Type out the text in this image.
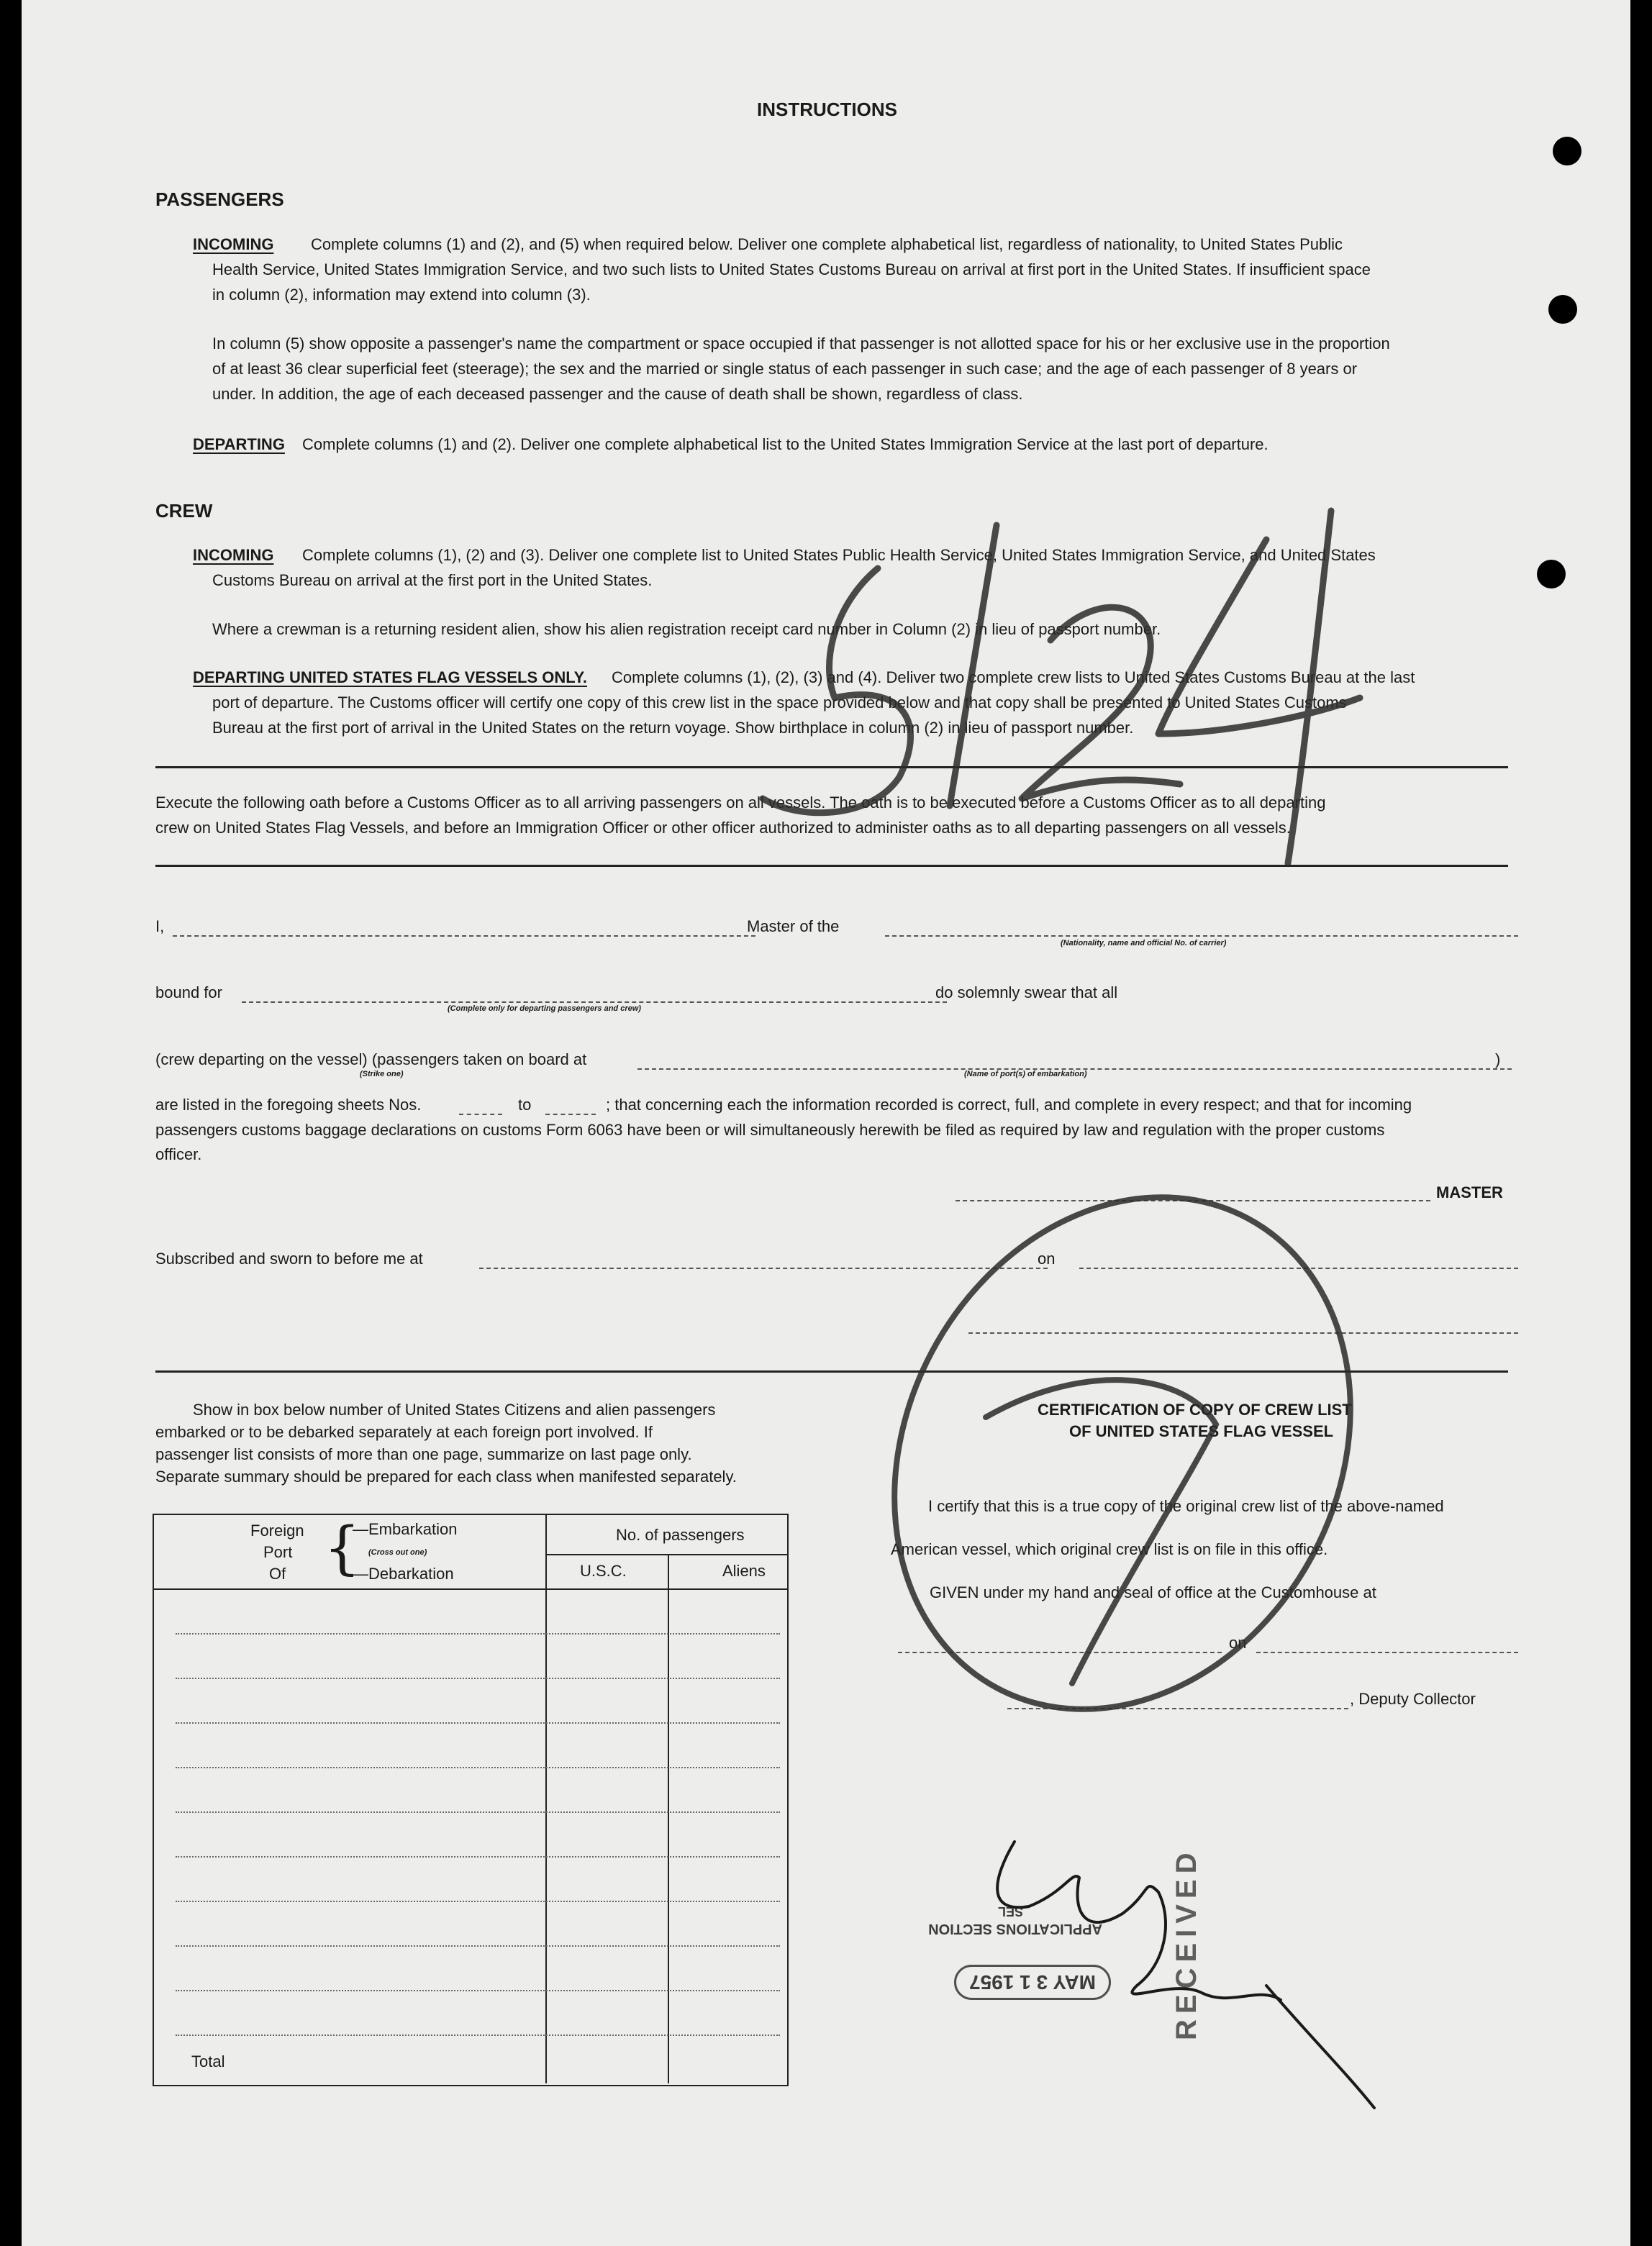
INSTRUCTIONS
PASSENGERS
INCOMING Complete columns (1) and (2), and (5) when required below. Deliver one complete alphabetical list, regardless of nationality, to United States Public
Health Service, United States Immigration Service, and two such lists to United States Customs Bureau on arrival at first port in the United States. If insufficient space
in column (2), information may extend into column (3).
In column (5) show opposite a passenger's name the compartment or space occupied if that passenger is not allotted space for his or her exclusive use in the proportion
of at least 36 clear superficial feet (steerage); the sex and the married or single status of each passenger in such case; and the age of each passenger of 8 years or
under. In addition, the age of each deceased passenger and the cause of death shall be shown, regardless of class.
DEPARTING Complete columns (1) and (2). Deliver one complete alphabetical list to the United States Immigration Service at the last port of departure.
CREW
INCOMING Complete columns (1), (2) and (3). Deliver one complete list to United States Public Health Service, United States Immigration Service, and United States
Customs Bureau on arrival at the first port in the United States.
Where a crewman is a returning resident alien, show his alien registration receipt card number in Column (2) in lieu of passport number.
DEPARTING UNITED STATES FLAG VESSELS ONLY. Complete columns (1), (2), (3) and (4). Deliver two complete crew lists to United States Customs Bureau at the last
port of departure. The Customs officer will certify one copy of this crew list in the space provided below and that copy shall be presented to United States Customs
Bureau at the first port of arrival in the United States on the return voyage. Show birthplace in column (2) in lieu of passport number.
Execute the following oath before a Customs Officer as to all arriving passengers on all vessels. The oath is to be executed before a Customs Officer as to all departing
crew on United States Flag Vessels, and before an Immigration Officer or other officer authorized to administer oaths as to all departing passengers on all vessels.
I,	Master of the
(Nationality, name and official No. of carrier)
bound for
(Complete only for departing passengers and crew)
do solemnly swear that all
(crew departing on the vessel) (passengers taken on board at	)
(Strike one)	(Name of port(s) of embarkation)
are listed in the foregoing sheets Nos.	to	; that concerning each the information recorded is correct, full, and complete in every respect; and that for incoming
passengers customs baggage declarations on customs Form 6063 have been or will simultaneously herewith be filed as required by law and regulation with the proper customs
officer.
MASTER
Subscribed and sworn to before me at	on
Show in box below number of United States Citizens and alien passengers
embarked or to be debarked separately at each foreign port involved. If
passenger list consists of more than one page, summarize on last page only.
Separate summary should be prepared for each class when manifested separately.
Foreign
Port
Of {
—Embarkation
(Cross out one)
—Debarkation
No. of passengers
U.S.C.	Aliens
Total
CERTIFICATION OF COPY OF CREW LIST
OF UNITED STATES FLAG VESSEL
I certify that this is a true copy of the original crew list of the above-named
American vessel, which original crew list is on file in this office.
GIVEN under my hand and seal of office at the Customhouse at
on
, Deputy Collector
MAY 3 1 1957	RECEIVED
APPLICATIONS SECTION
SEL
